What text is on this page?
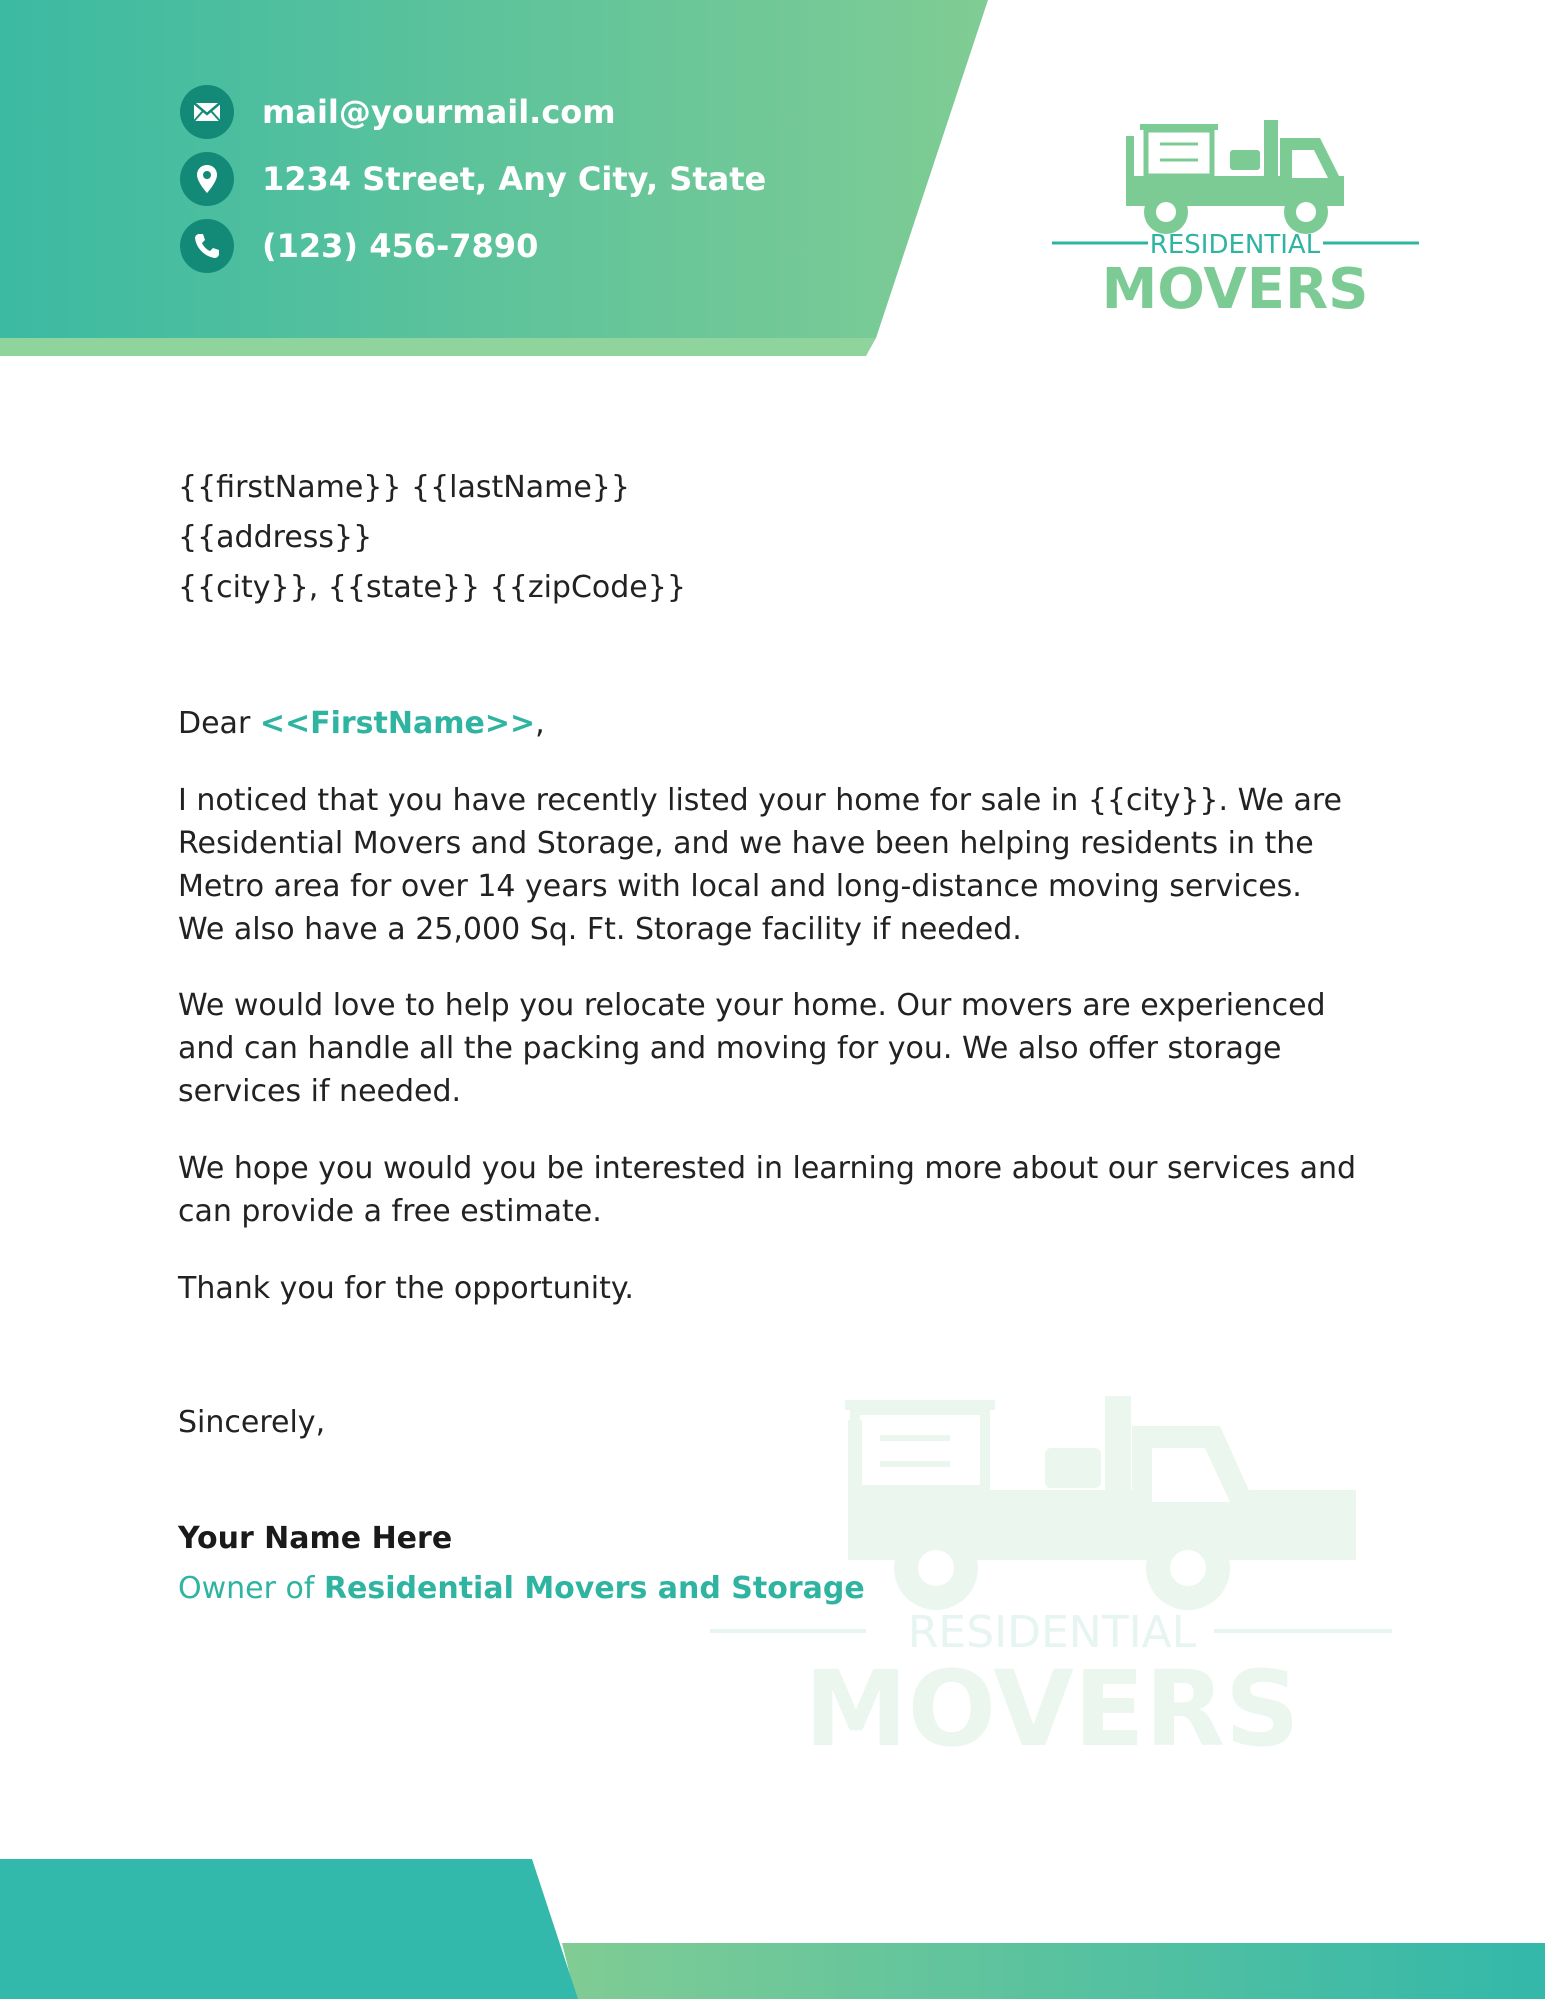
mail@yourmail.com
1234 Street, Any City, State
(123) 456-7890	RESIDENTIAL
MOVERS
RESIDENTIAL
MOVERS
{{firstName}} {{lastName}}
{{address}}
{{city}}, {{state}} {{zipCode}}
Dear <<FirstName>>,
I noticed that you have recently listed your home for sale in {{city}}. We are
Residential Movers and Storage, and we have been helping residents in the
Metro area for over 14 years with local and long-distance moving services.
We also have a 25,000 Sq. Ft. Storage facility if needed.
We would love to help you relocate your home. Our movers are experienced
and can handle all the packing and moving for you. We also offer storage
services if needed.
We hope you would you be interested in learning more about our services and
can provide a free estimate.
Thank you for the opportunity.
Sincerely,
Your Name Here
Owner of Residential Movers and Storage
